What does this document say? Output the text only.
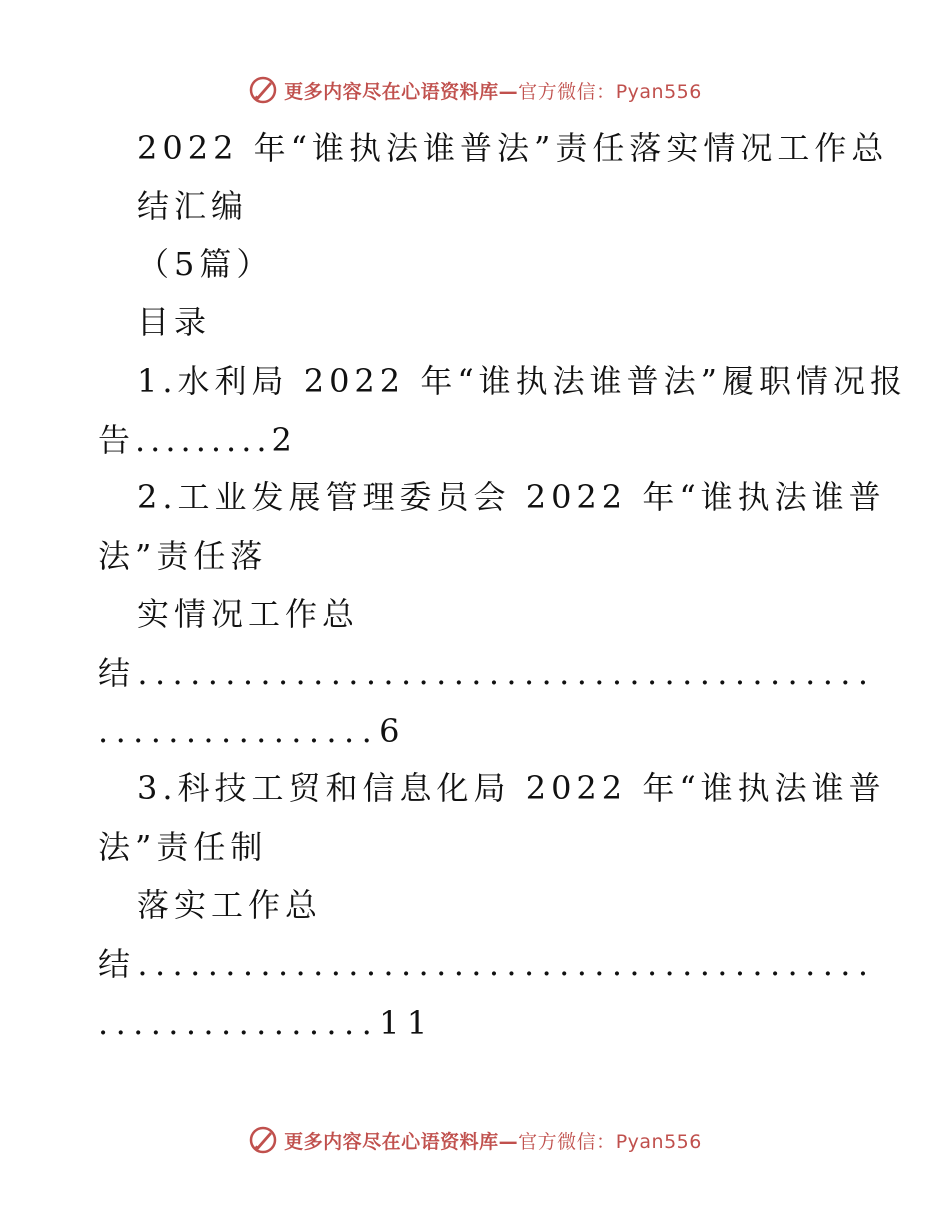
更多内容尽在心语资料库—官方微信：Pyan556
2022 年“谁执法谁普法”责任落实情况工作总
结汇编
（5篇）
目录
1.水利局 2022 年“谁执法谁普法”履职情况报
告.........2
2.工业发展管理委员会 2022 年“谁执法谁普
法”责任落
实情况工作总
结..........................................
................6
3.科技工贸和信息化局 2022 年“谁执法谁普
法”责任制
落实工作总
结..........................................
................11
更多内容尽在心语资料库—官方微信：Pyan556
